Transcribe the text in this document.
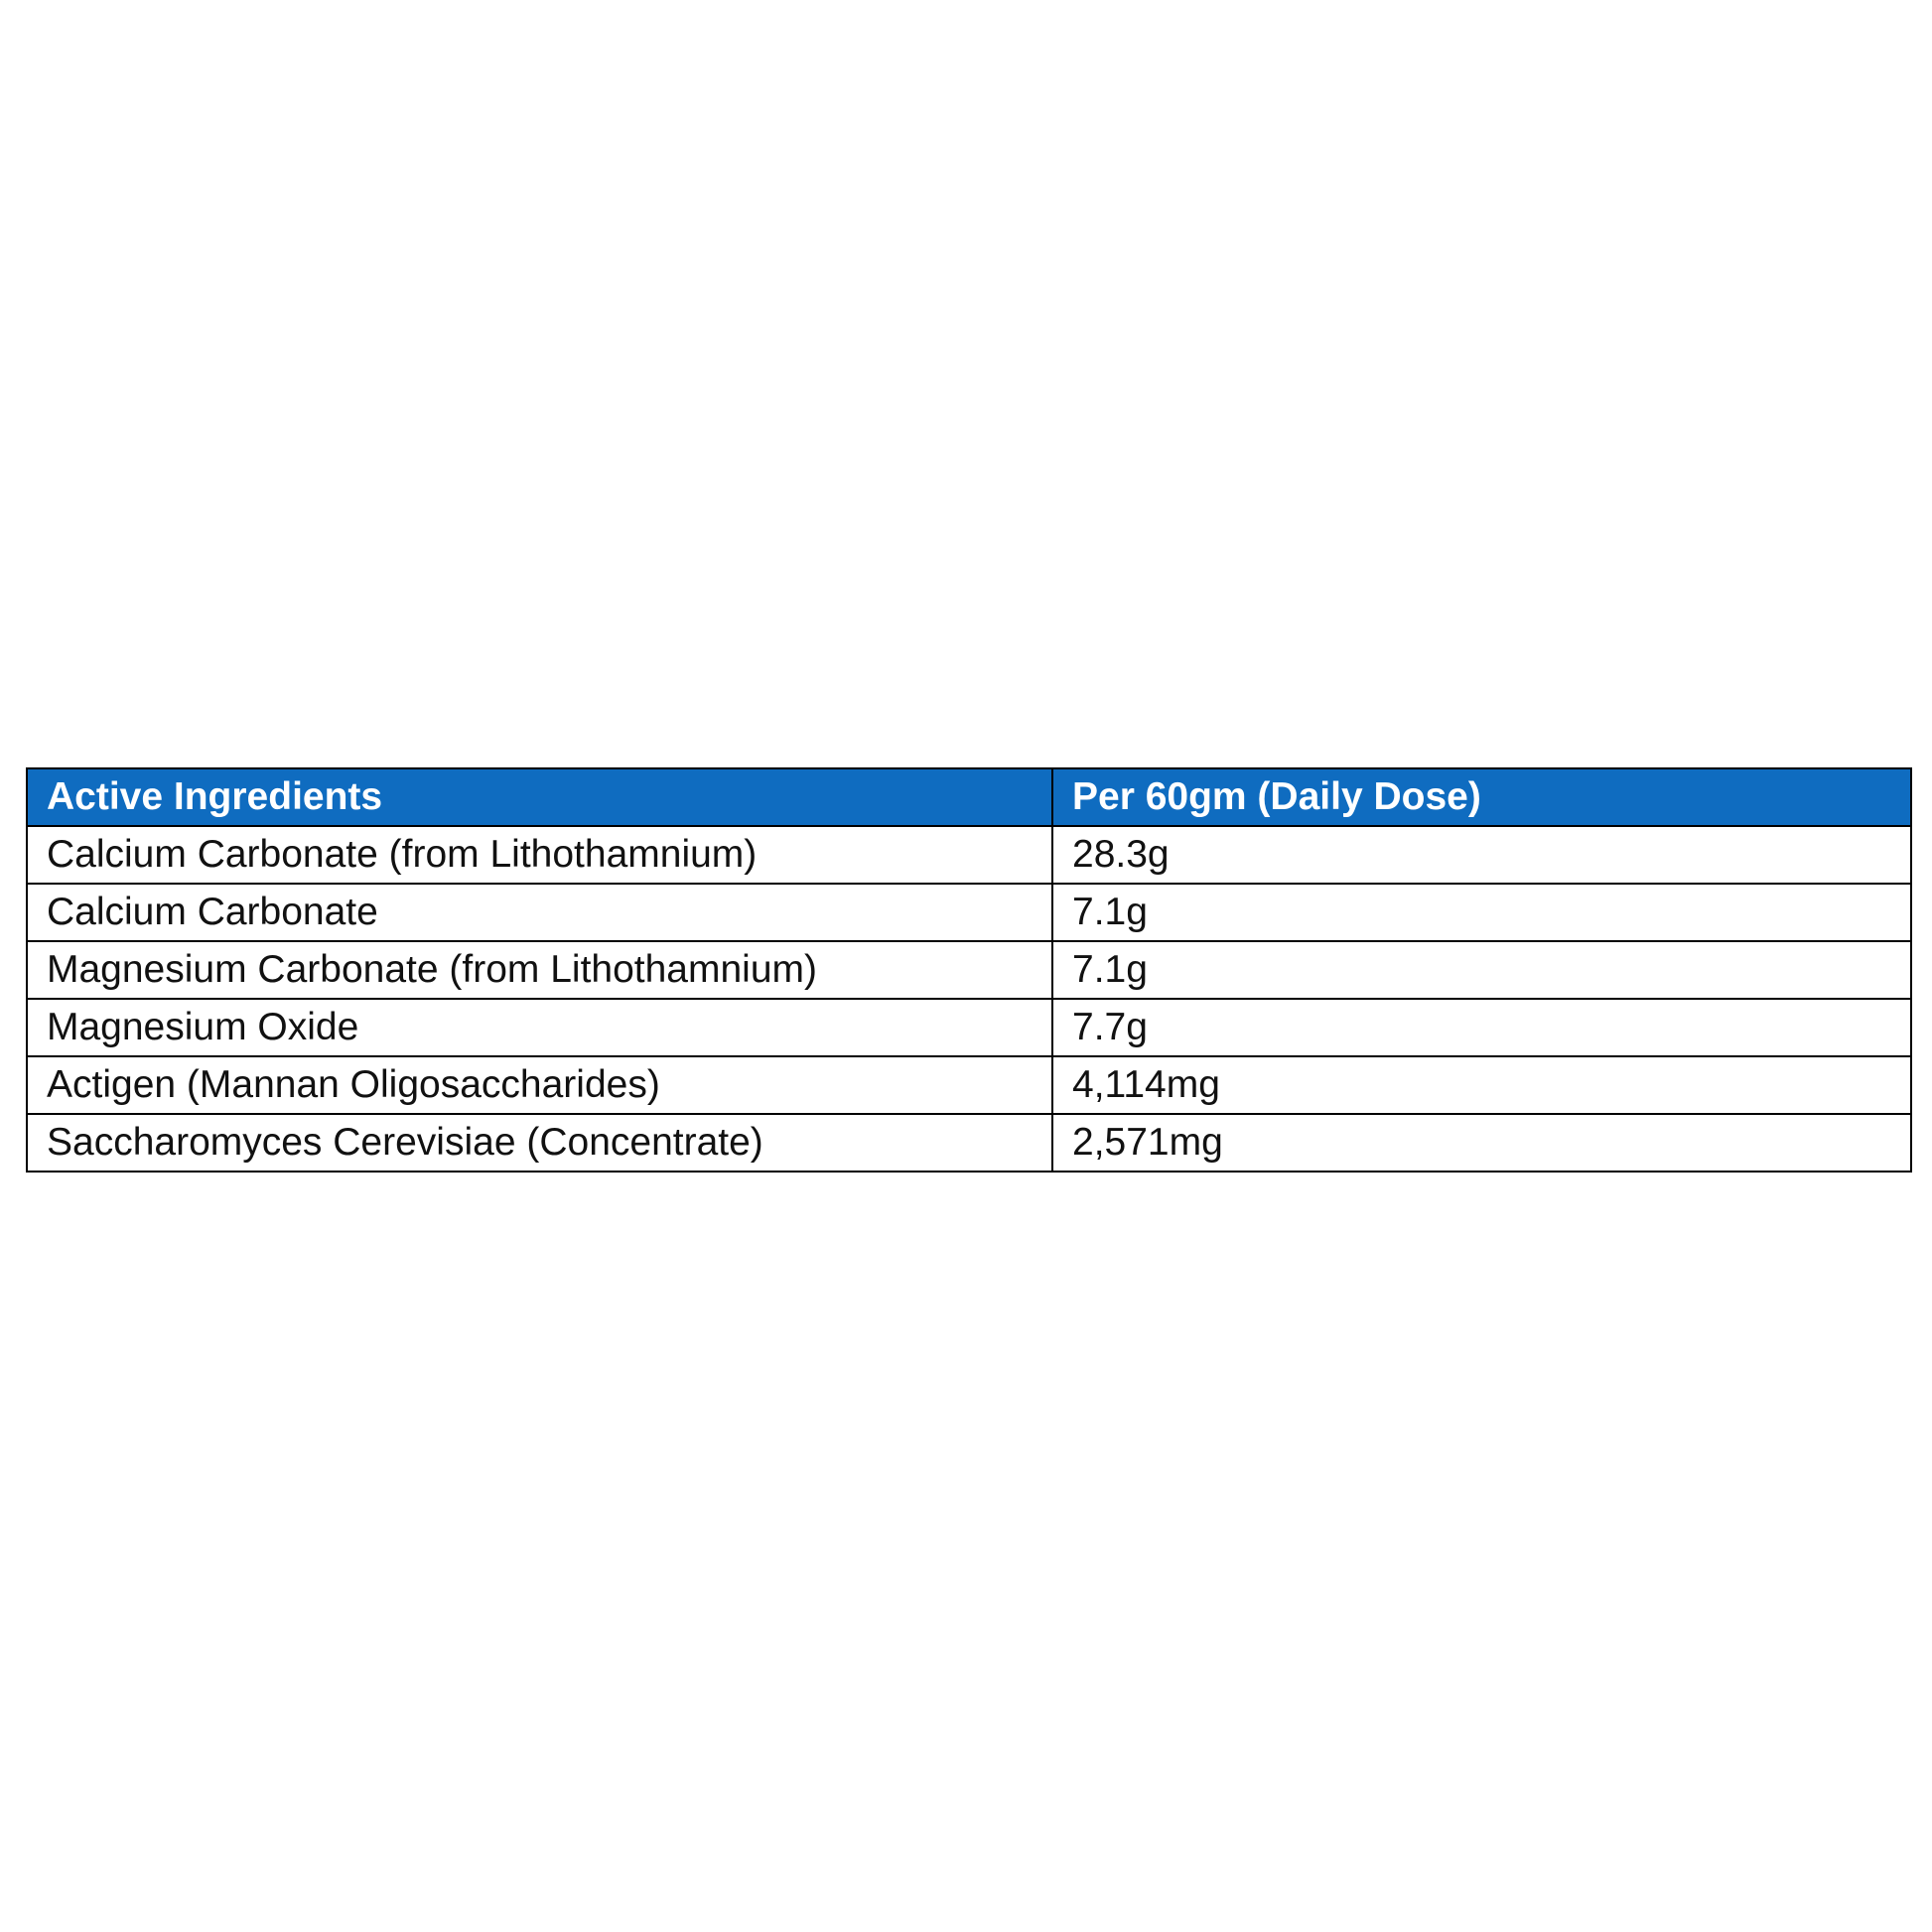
Active Ingredients	Per 60gm (Daily Dose)
Calcium Carbonate (from Lithothamnium)	28.3g
Calcium Carbonate	7.1g
Magnesium Carbonate (from Lithothamnium)	7.1g
Magnesium Oxide	7.7g
Actigen (Mannan Oligosaccharides)	4,114mg
Saccharomyces Cerevisiae (Concentrate)	2,571mg
